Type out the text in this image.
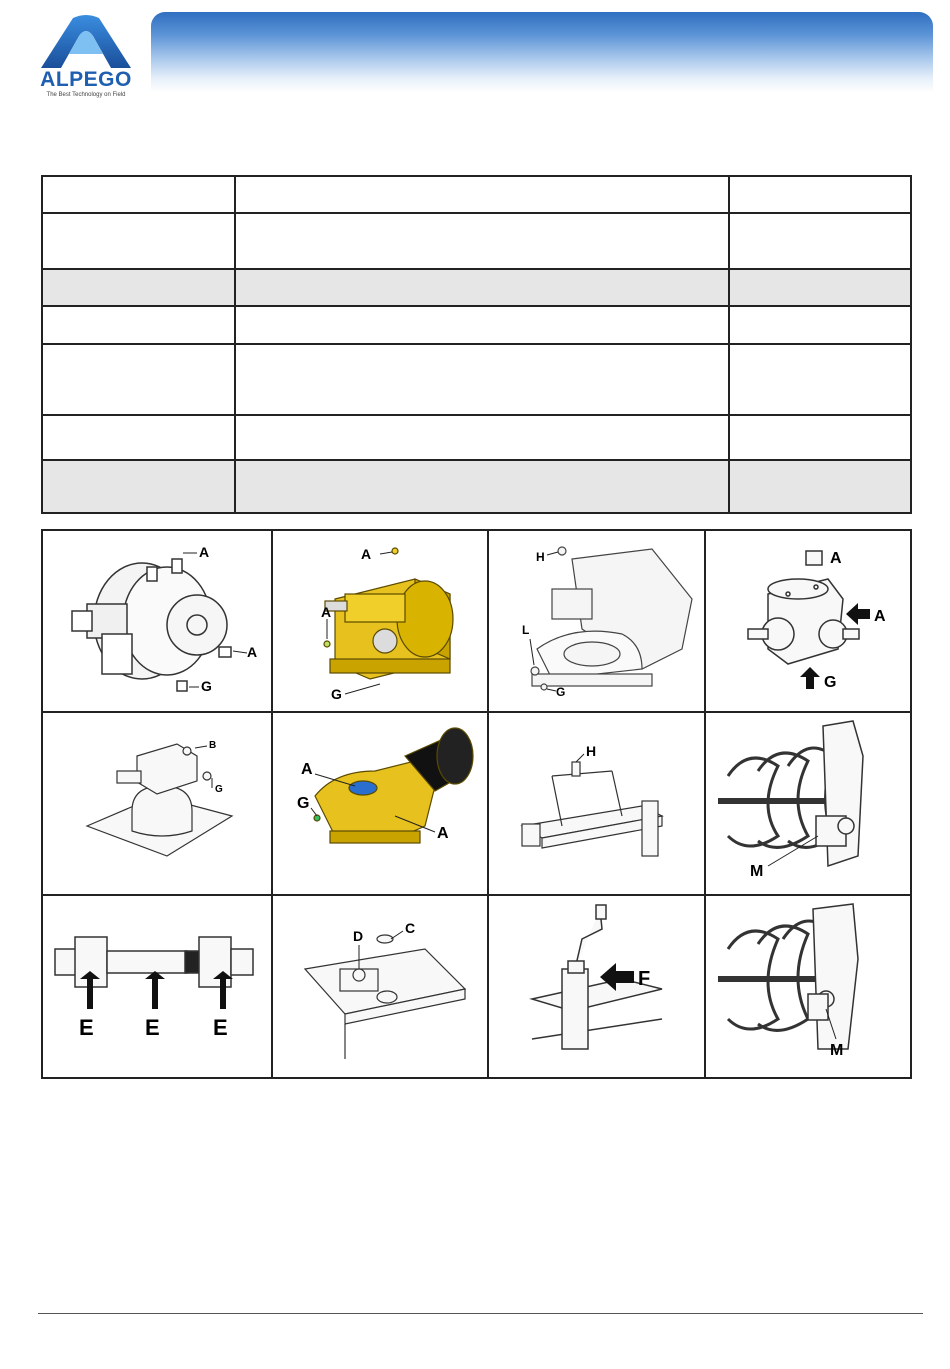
ALPEGO
The Best Technology on Field

A
A
G	A
A
G	H
L
G	A
A
G

B
G	A
G
A	H	M

E E E	D C	F	M
